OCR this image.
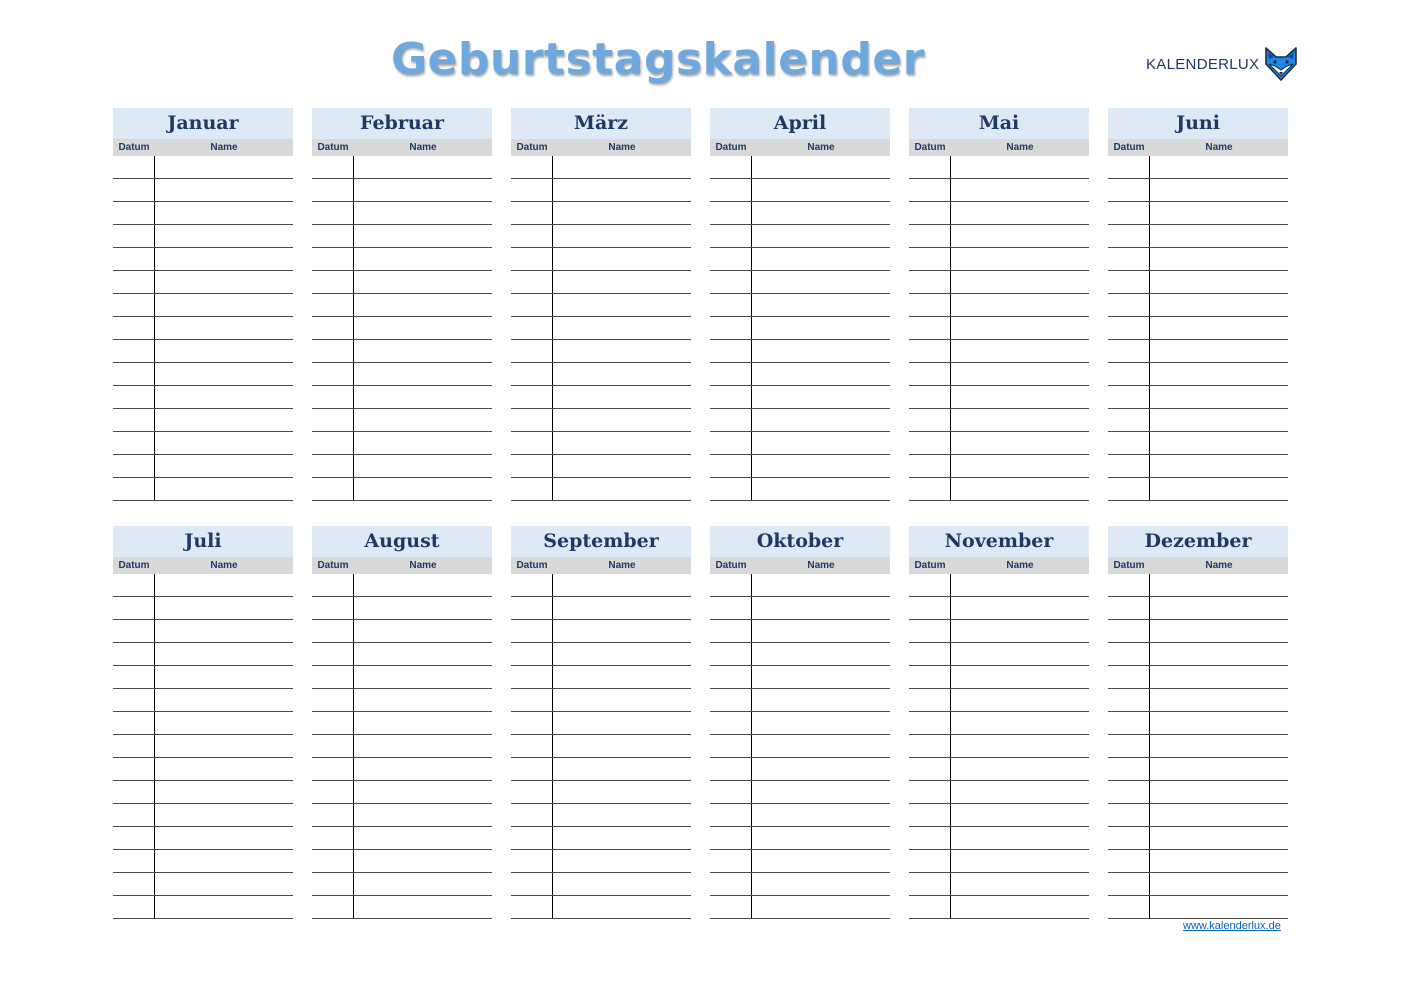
Geburtstagskalender	KALENDERLUX
Januar
Datum	Name
Februar
Datum	Name
März
Datum	Name
April
Datum	Name
Mai
Datum	Name
Juni
Datum	Name
Juli
Datum	Name
August
Datum	Name
September
Datum	Name
Oktober
Datum	Name
November
Datum	Name
Dezember
Datum	Name
www.kalenderlux.de
